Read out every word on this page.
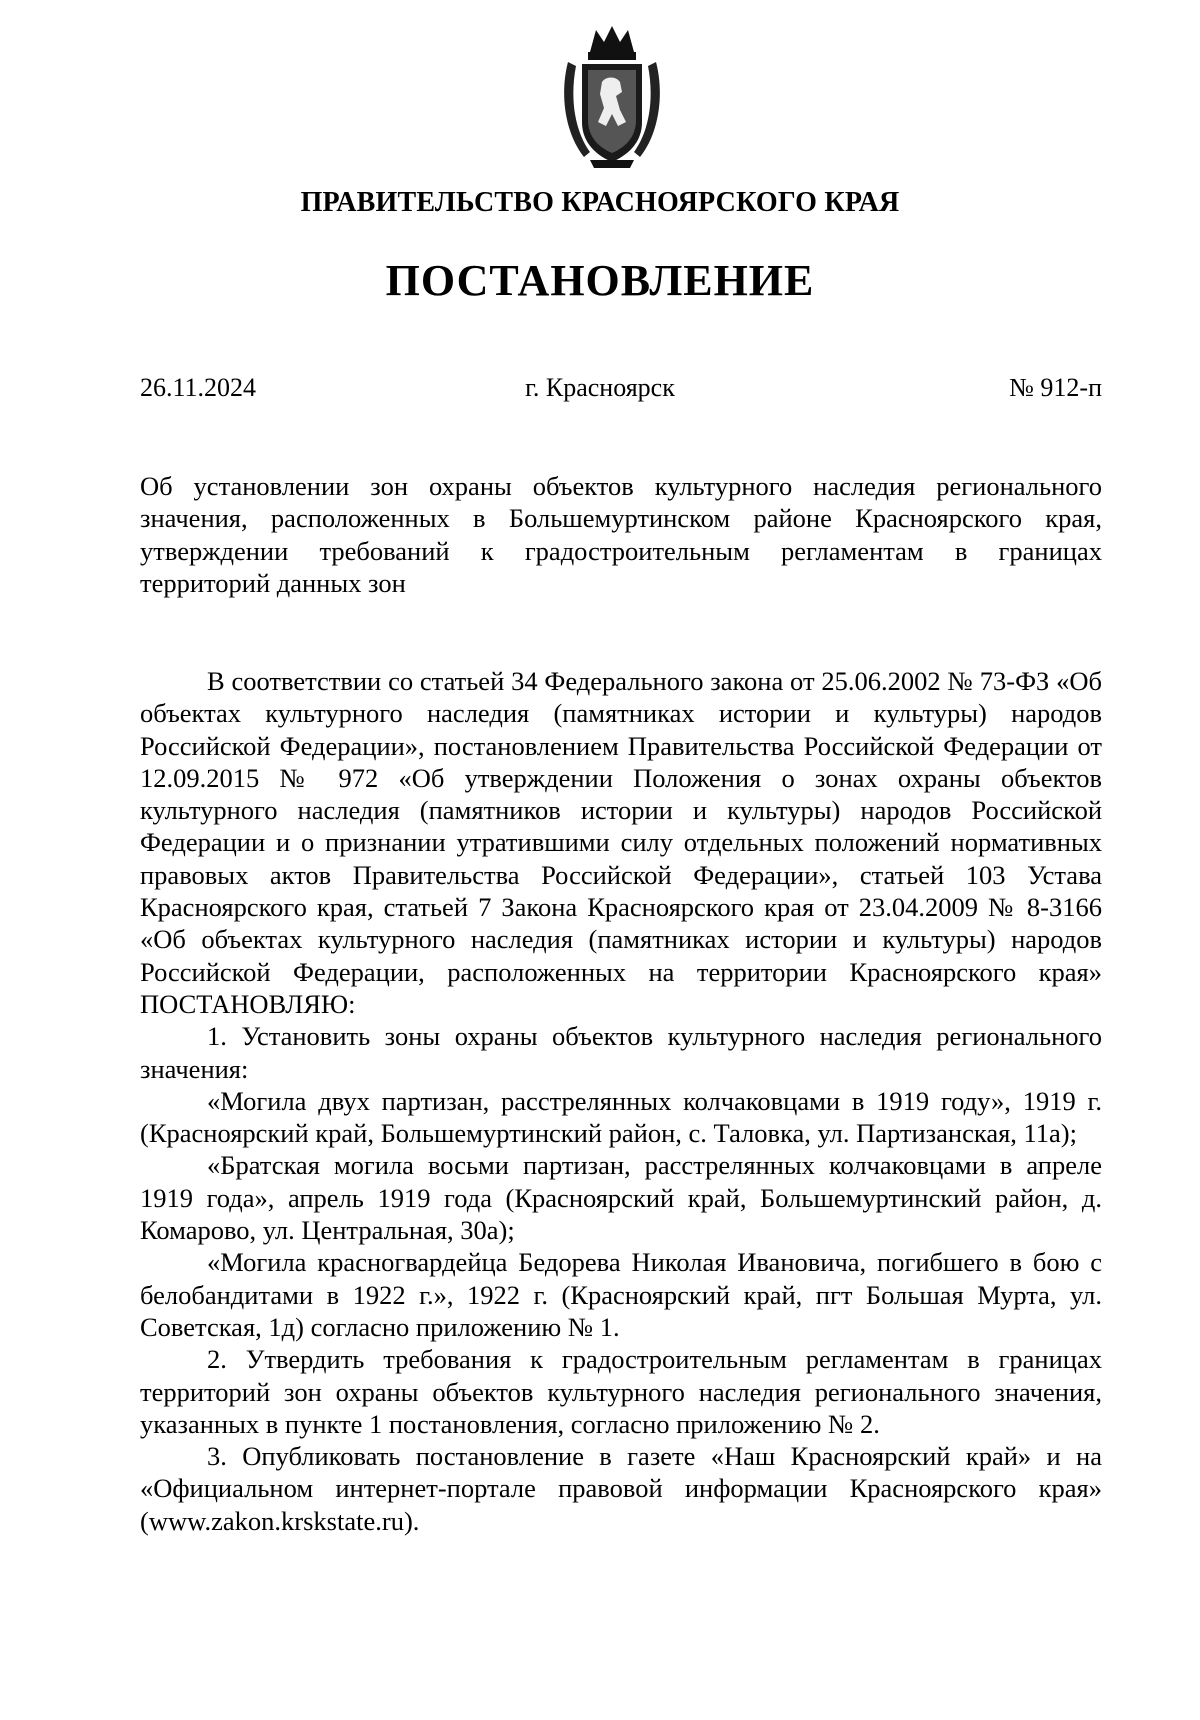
ПРАВИТЕЛЬСТВО КРАСНОЯРСКОГО КРАЯ
ПОСТАНОВЛЕНИЕ
26.11.2024	г. Красноярск	№ 912-п
Об установлении зон охраны объектов культурного наследия регионального
значения, расположенных в Большемуртинском районе Красноярского края,
утверждении требований к градостроительным регламентам в границах
территорий данных зон

В соответствии со статьей 34 Федерального закона от 25.06.2002 № 73-ФЗ «Об объектах культурного наследия (памятниках истории и культуры) народов Российской Федерации», постановлением Правительства Российской Федерации от 12.09.2015 № 972 «Об утверждении Положения о зонах охраны объектов культурного наследия (памятников истории и культуры) народов Российской Федерации и о признании утратившими силу отдельных положений нормативных правовых актов Правительства Российской Федерации», статьей 103 Устава Красноярского края, статьей 7 Закона Красноярского края от 23.04.2009 № 8-3166 «Об объектах культурного наследия (памятниках истории и культуры) народов Российской Федерации, расположенных на территории Красноярского края» ПОСТАНОВЛЯЮ:

1. Установить зоны охраны объектов культурного наследия регионального значения:

«Могила двух партизан, расстрелянных колчаковцами в 1919 году», 1919 г. (Красноярский край, Большемуртинский район, с. Таловка, ул. Партизанская, 11а);

«Братская могила восьми партизан, расстрелянных колчаковцами в апреле 1919 года», апрель 1919 года (Красноярский край, Большемуртинский район, д. Комарово, ул. Центральная, 30а);

«Могила красногвардейца Бедорева Николая Ивановича, погибшего в бою с белобандитами в 1922 г.», 1922 г. (Красноярский край, пгт Большая Мурта, ул. Советская, 1д) согласно приложению № 1.

2. Утвердить требования к градостроительным регламентам в границах территорий зон охраны объектов культурного наследия регионального значения, указанных в пункте 1 постановления, согласно приложению № 2.

3. Опубликовать постановление в газете «Наш Красноярский край» и на «Официальном интернет-портале правовой информации Красноярского края» (www.zakon.krskstate.ru).
